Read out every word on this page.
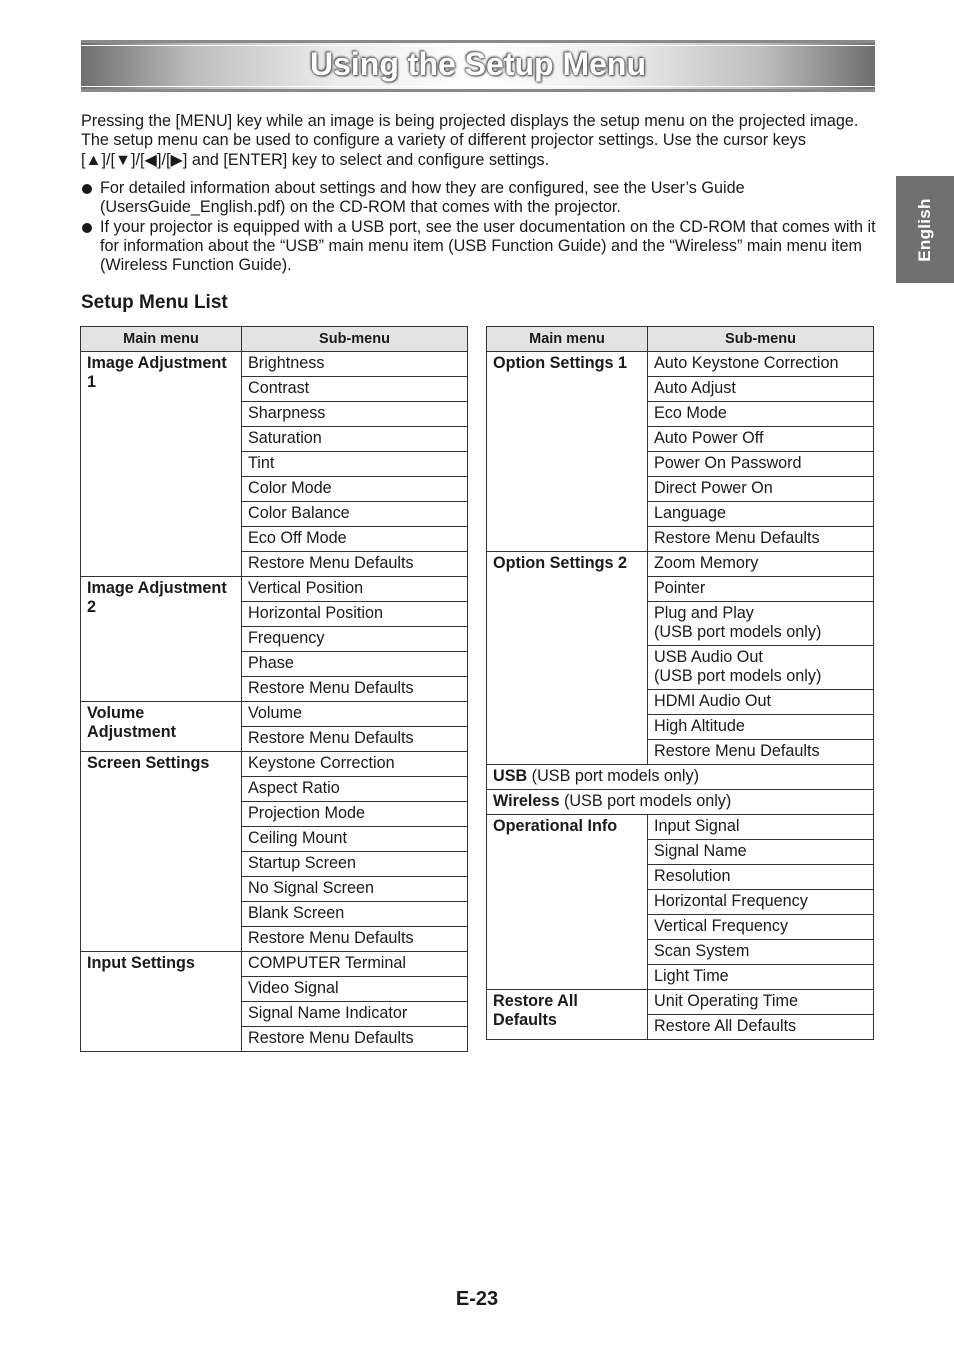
Using the Setup Menu
English

Pressing the [MENU] key while an image is being projected displays the setup menu on the projected image. The setup menu can be used to configure a variety of different projector settings. Use the cursor keys [▲]/[▼]/[◀]/[▶] and [ENTER] key to select and configure settings.

For detailed information about settings and how they are configured, see the User’s Guide (UsersGuide_English.pdf) on the CD-ROM that comes with the projector.
If your projector is equipped with a USB port, see the user documentation on the CD-ROM that comes with it for information about the “USB” main menu item (USB Function Guide) and the “Wireless” main menu item (Wireless Function Guide).
Setup Menu List
Main menu	Sub-menu
Image Adjustment 1	Brightness
	Contrast
	Sharpness
	Saturation
	Tint
	Color Mode
	Color Balance
	Eco Off Mode
	Restore Menu Defaults
Image Adjustment 2	Vertical Position
	Horizontal Position
	Frequency
	Phase
	Restore Menu Defaults
Volume Adjustment	Volume
	Restore Menu Defaults
Screen Settings	Keystone Correction
	Aspect Ratio
	Projection Mode
	Ceiling Mount
	Startup Screen
	No Signal Screen
	Blank Screen
	Restore Menu Defaults
Input Settings	COMPUTER Terminal
	Video Signal
	Signal Name Indicator
	Restore Menu Defaults
Main menu	Sub-menu
Option Settings 1	Auto Keystone Correction
	Auto Adjust
	Eco Mode
	Auto Power Off
	Power On Password
	Direct Power On
	Language
	Restore Menu Defaults
Option Settings 2	Zoom Memory
	Pointer
	Plug and Play
(USB port models only)
	USB Audio Out
(USB port models only)
	HDMI Audio Out
	High Altitude
	Restore Menu Defaults
USB (USB port models only)	
Wireless (USB port models only)	
Operational Info	Input Signal
	Signal Name
	Resolution
	Horizontal Frequency
	Vertical Frequency
	Scan System
	Light Time
Restore All Defaults	Unit Operating Time
	Restore All Defaults
E-23
